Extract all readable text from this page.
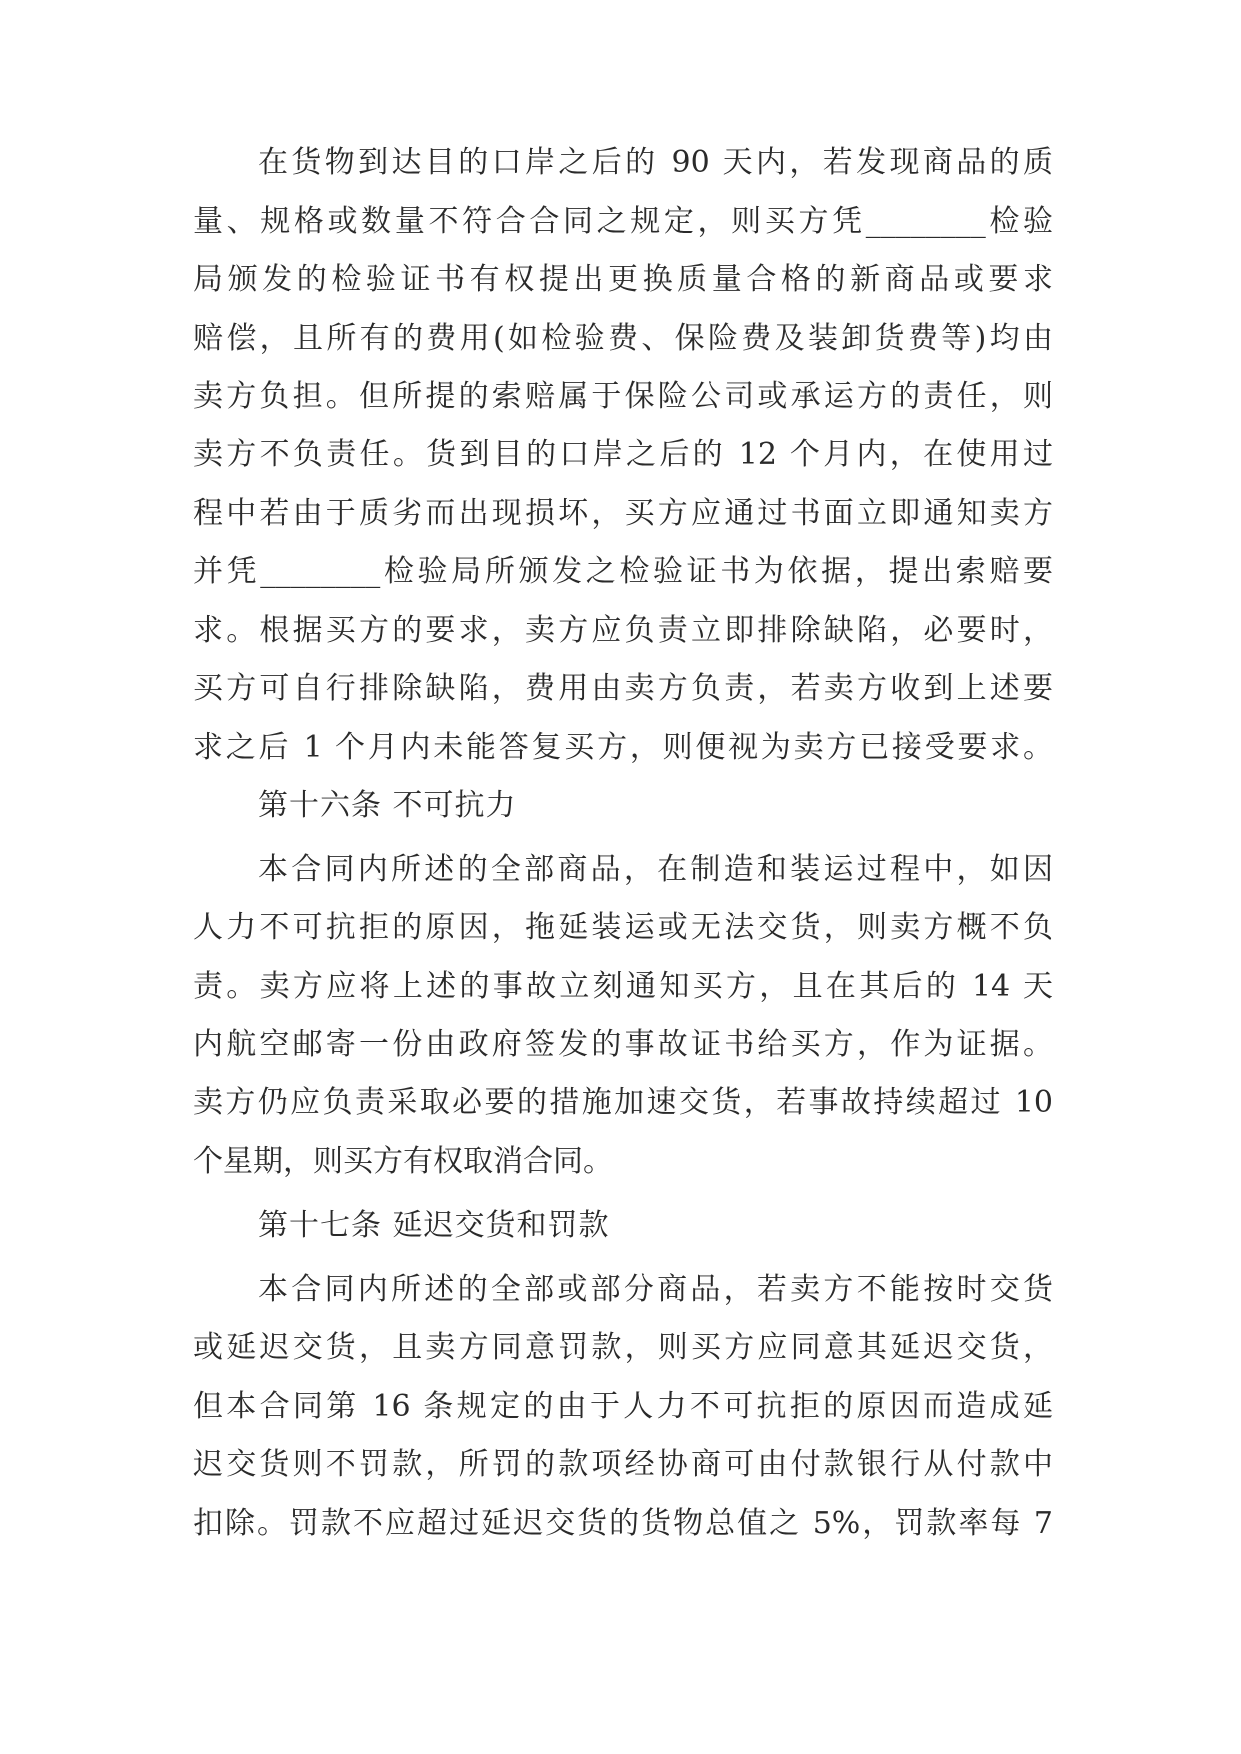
在货物到达目的口岸之后的 90 天内，若发现商品的质
量、规格或数量不符合合同之规定，则买方凭________检验
局颁发的检验证书有权提出更换质量合格的新商品或要求
赔偿，且所有的费用(如检验费、保险费及装卸货费等)均由
卖方负担。但所提的索赔属于保险公司或承运方的责任，则
卖方不负责任。货到目的口岸之后的 12 个月内，在使用过
程中若由于质劣而出现损坏，买方应通过书面立即通知卖方
并凭________检验局所颁发之检验证书为依据，提出索赔要
求。根据买方的要求，卖方应负责立即排除缺陷，必要时，
买方可自行排除缺陷，费用由卖方负责，若卖方收到上述要
求之后 1 个月内未能答复买方，则便视为卖方已接受要求。
第十六条 不可抗力
本合同内所述的全部商品，在制造和装运过程中，如因
人力不可抗拒的原因，拖延装运或无法交货，则卖方概不负
责。卖方应将上述的事故立刻通知买方，且在其后的 14 天
内航空邮寄一份由政府签发的事故证书给买方，作为证据。
卖方仍应负责采取必要的措施加速交货，若事故持续超过 10
个星期，则买方有权取消合同。
第十七条 延迟交货和罚款
本合同内所述的全部或部分商品，若卖方不能按时交货
或延迟交货，且卖方同意罚款，则买方应同意其延迟交货，
但本合同第 16 条规定的由于人力不可抗拒的原因而造成延
迟交货则不罚款，所罚的款项经协商可由付款银行从付款中
扣除。罚款不应超过延迟交货的货物总值之 5%，罚款率每 7
